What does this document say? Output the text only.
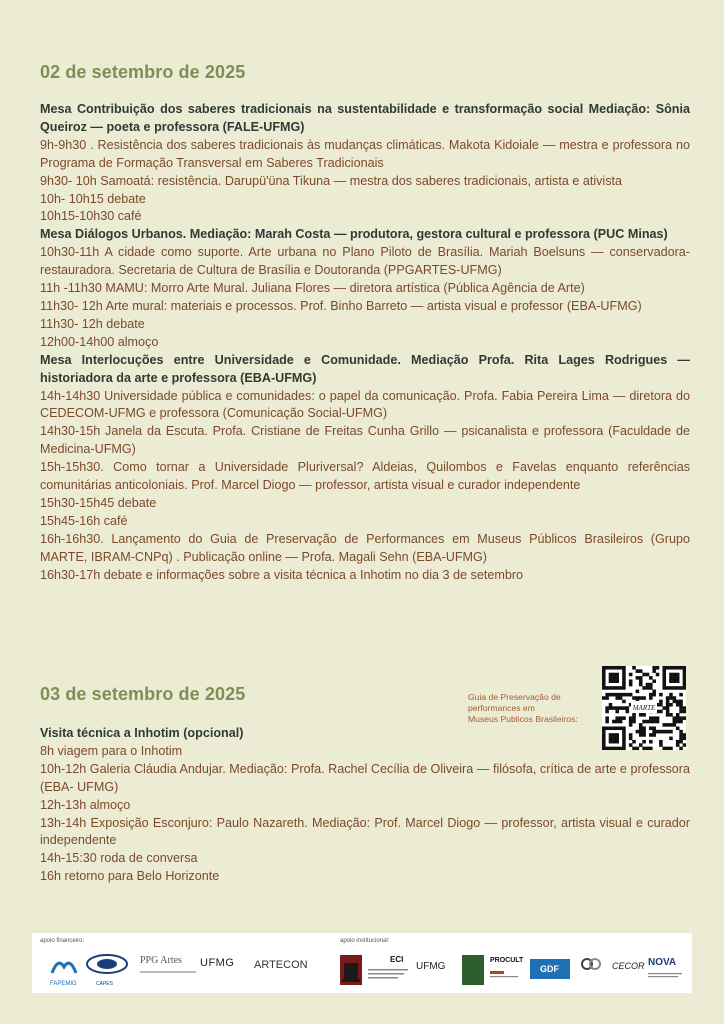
02 de setembro de 2025
Mesa Contribuição dos saberes tradicionais na sustentabilidade e transformação social Mediação: Sônia Queiroz — poeta e professora (FALE-UFMG)
9h-9h30 . Resistência dos saberes tradicionais às mudanças climáticas. Makota Kidoiale — mestra e professora no Programa de Formação Transversal em Saberes Tradicionais
9h30- 10h Samoatá: resistência. Darupü'üna Tikuna — mestra dos saberes tradicionais, artista e ativista
10h- 10h15 debate
10h15-10h30 café
Mesa Diálogos Urbanos. Mediação: Marah Costa — produtora, gestora cultural e professora (PUC Minas)
10h30-11h A cidade como suporte. Arte urbana no Plano Piloto de Brasília. Mariah Boelsuns — conservadora-restauradora. Secretaria de Cultura de Brasília e Doutoranda (PPGARTES-UFMG)
11h -11h30 MAMU: Morro Arte Mural. Juliana Flores — diretora artística (Pública Agência de Arte)
11h30- 12h Arte mural: materiais e processos. Prof. Binho Barreto — artista visual e professor (EBA-UFMG)
11h30- 12h debate
12h00-14h00 almoço
Mesa Interlocuções entre Universidade e Comunidade. Mediação Profa. Rita Lages Rodrigues — historiadora da arte e professora (EBA-UFMG)
14h-14h30 Universidade pública e comunidades: o papel da comunicação. Profa. Fabia Pereira Lima — diretora do CEDECOM-UFMG e professora (Comunicação Social-UFMG)
14h30-15h Janela da Escuta. Profa. Cristiane de Freitas Cunha Grillo — psicanalista e professora (Faculdade de Medicina-UFMG)
15h-15h30. Como tornar a Universidade Pluriversal? Aldeias, Quilombos e Favelas enquanto referências comunitárias anticoloniais. Prof. Marcel Diogo — professor, artista visual e curador independente
15h30-15h45 debate
15h45-16h café
16h-16h30. Lançamento do Guia de Preservação de Performances em Museus Públicos Brasileiros (Grupo MARTE, IBRAM-CNPq) . Publicação online — Profa. Magali Sehn (EBA-UFMG)
16h30-17h debate e informações sobre a visita técnica a Inhotim no dia 3 de setembro
03 de setembro de 2025
Visita técnica a Inhotim (opcional)
8h viagem para o Inhotim
10h-12h Galeria Cláudia Andujar. Mediação: Profa. Rachel Cecília de Oliveira — filósofa, crítica de arte e professora (EBA- UFMG)
12h-13h almoço
13h-14h Exposição Esconjuro: Paulo Nazareth. Mediação: Prof. Marcel Diogo — professor, artista visual e curador independente
14h-15:30 roda de conversa
16h retorno para Belo Horizonte
Guia de Preservação de
performances em
Museus Publicos Brasileiros:
MARTE
apoio financeiro:	apoio institucional:
FAPEMIG	CAPES
PPG Artes UFMG ARTECON	ECI
UFMG
PROCULT
GDF	CECOR NOVA
